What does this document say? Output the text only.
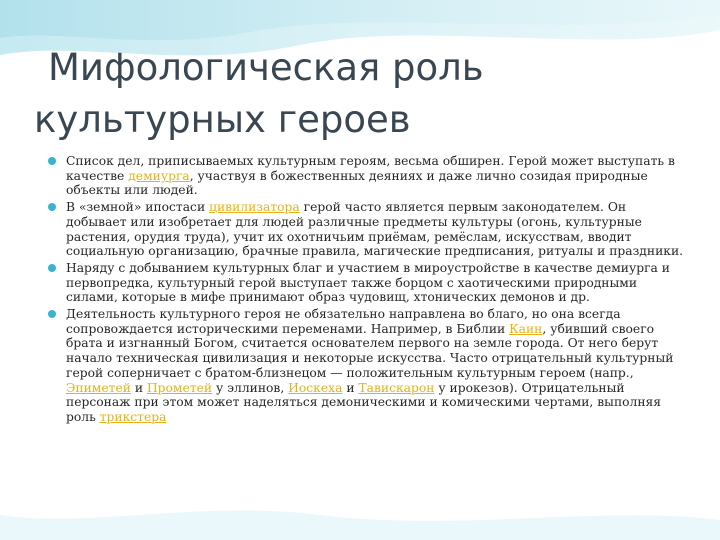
Мифологическая роль
культурных героев
Список дел, приписываемых культурным героям, весьма обширен. Герой может выступать в качестве демиурга, участвуя в божественных деяниях и даже лично созидая природные объекты или людей.
В «земной» ипостаси цивилизатора герой часто является первым законодателем. Он добывает или изобретает для людей различные предметы культуры (огонь, культурные растения, орудия труда), учит их охотничьим приёмам, ремёслам, искусствам, вводит социальную организацию, брачные правила, магические предписания, ритуалы и праздники.
Наряду с добыванием культурных благ и участием в мироустройстве в качестве демиурга и первопредка, культурный герой выступает также борцом с хаотическими природными силами, которые в мифе принимают образ чудовищ, хтонических демонов и др.
Деятельность культурного героя не обязательно направлена во благо, но она всегда сопровождается историческими переменами. Например, в Библии Каин, убивший своего брата и изгнанный Богом, считается основателем первого на земле города. От него берут начало техническая цивилизация и некоторые искусства. Часто отрицательный культурный герой соперничает с братом-близнецом — положительным культурным героем (напр., Эпиметей и Прометей у эллинов, Иоскеха и Тавискарон у ирокезов). Отрицательный персонаж при этом может наделяться демоническими и комическими чертами, выполняя роль трикстера
